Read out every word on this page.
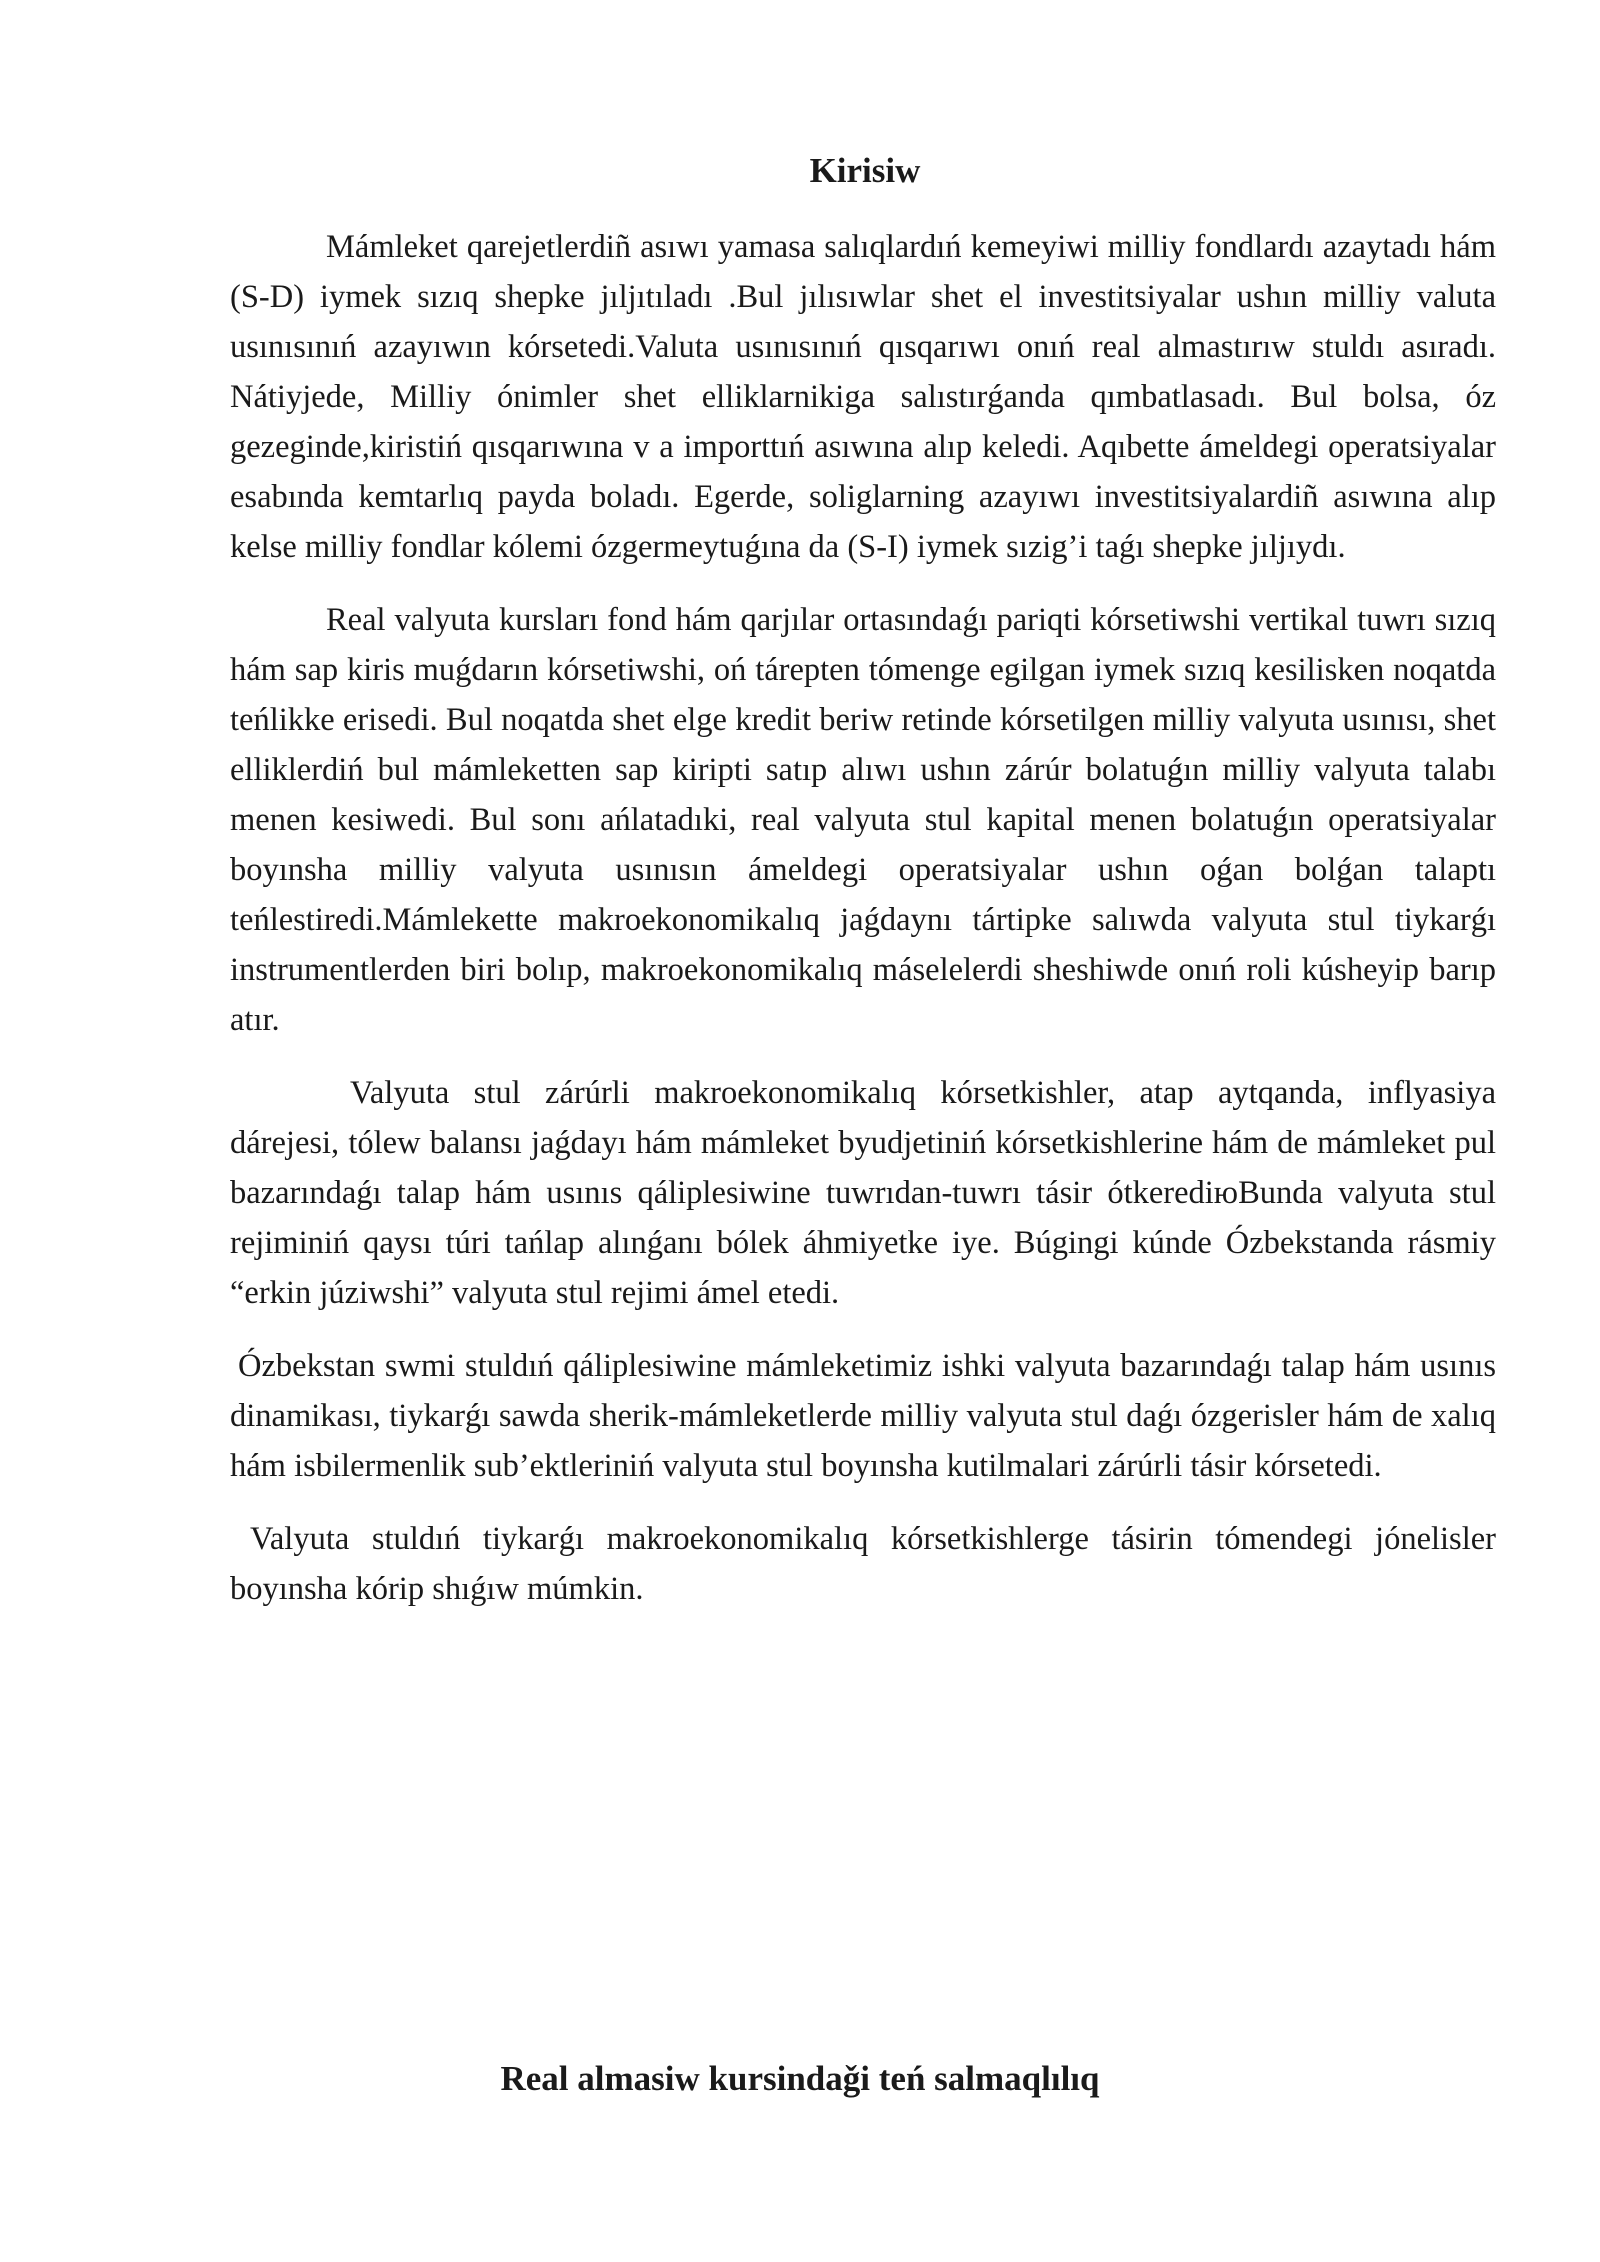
Kirisiw

Mámleket qarejetlerdiñ asıwı yamasa salıqlardıń kemeyiwi milliy fondlardı azaytadı hám (S-D) iymek sızıq shepke jıljıtıladı .Bul jılısıwlar shet el investitsiyalar ushın milliy valuta usınısınıń azayıwın kórsetedi.Valuta usınısınıń qısqarıwı onıń real almastırıw stuldı asıradı. Nátiyjede, Milliy ónimler shet elliklarnikiga salıstırǵanda qımbatlasadı. Bul bolsa, óz gezeginde,kiristiń qısqarıwına v a importtıń asıwına alıp keledi. Aqıbette ámeldegi operatsiyalar esabında kemtarlıq payda boladı. Egerde, soliglarning azayıwı investitsiyalardiñ asıwına alıp kelse milliy fondlar kólemi ózgermeytuǵına da (S-I) iymek sızig’i taǵı shepke jıljıydı.

Real valyuta kursları fond hám qarjılar ortasındaǵı pariqti kórsetiwshi vertikal tuwrı sızıq hám sap kiris muǵdarın kórsetiwshi, oń tárepten tómenge egilgan iymek sızıq kesilisken noqatda teńlikke erisedi. Bul noqatda shet elge kredit beriw retinde kórsetilgen milliy valyuta usınısı, shet elliklerdiń bul mámleketten sap kiripti satıp alıwı ushın zárúr bolatuǵın milliy valyuta talabı menen kesiwedi. Bul sonı ańlatadıki, real valyuta stul kapital menen bolatuǵın operatsiyalar boyınsha milliy valyuta usınısın ámeldegi operatsiyalar ushın oǵan bolǵan talaptı teńlestiredi.Mámlekette makroekonomikalıq jaǵdaynı tártipke salıwda valyuta stul tiykarǵı instrumentlerden biri bolıp, makroekonomikalıq máselelerdi sheshiwde onıń roli kúsheyip barıp atır.

Valyuta stul zárúrli makroekonomikalıq kórsetkishler, atap aytqanda, inflyasiya dárejesi, tólew balansı jaǵdayı hám mámleket byudjetiniń kórsetkishlerine hám de mámleket pul bazarındaǵı talap hám usınıs qáliplesiwine tuwrıdan-tuwrı tásir ótkerediюBunda valyuta stul rejiminiń qaysı túri tańlap alınǵanı bólek áhmiyetke iye. Búgingi kúnde Ózbekstanda rásmiy “erkin júziwshi” valyuta stul rejimi ámel etedi.

Ózbekstan swmi stuldıń qáliplesiwine mámleketimiz ishki valyuta bazarındaǵı talap hám usınıs dinamikası, tiykarǵı sawda sherik-mámleketlerde milliy valyuta stul daǵı ózgerisler hám de xalıq hám isbilermenlik sub’ektleriniń valyuta stul boyınsha kutilmalari zárúrli tásir kórsetedi.

Valyuta stuldıń tiykarǵı makroekonomikalıq kórsetkishlerge tásirin tómendegi jónelisler boyınsha kórip shıǵıw múmkin.

Real almasiw kursindaǧi teń salmaqlılıq
